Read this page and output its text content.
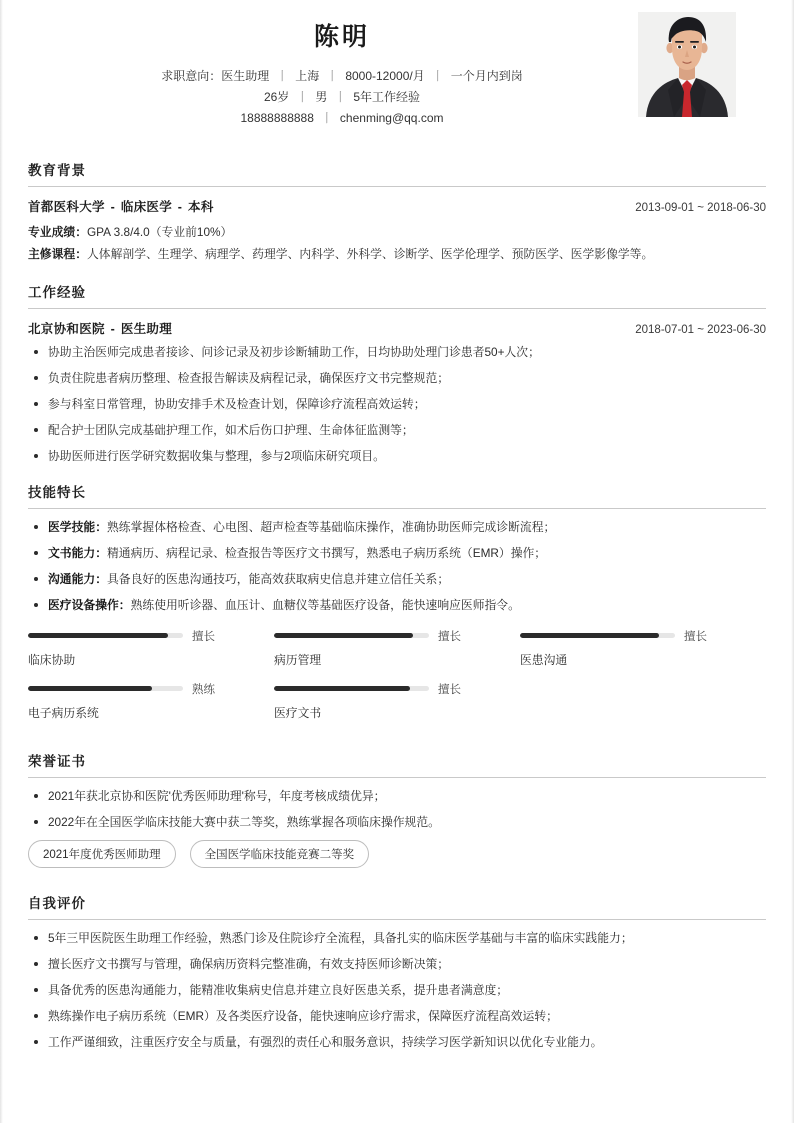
陈明
求职意向：医生助理 丨 上海 丨 8000-12000/月 丨 一个月内到岗
26岁 丨 男 丨 5年工作经验
18888888888 丨 chenming@qq.com
教育背景
首都医科大学 - 临床医学 - 本科	2013-09-01 ~ 2018-06-30
专业成绩：GPA 3.8/4.0（专业前10%）
主修课程：人体解剖学、生理学、病理学、药理学、内科学、外科学、诊断学、医学伦理学、预防医学、医学影像学等。
工作经验
北京协和医院 - 医生助理	2018-07-01 ~ 2023-06-30
协助主治医师完成患者接诊、问诊记录及初步诊断辅助工作，日均协助处理门诊患者50+人次；
负责住院患者病历整理、检查报告解读及病程记录，确保医疗文书完整规范；
参与科室日常管理，协助安排手术及检查计划，保障诊疗流程高效运转；
配合护士团队完成基础护理工作，如术后伤口护理、生命体征监测等；
协助医师进行医学研究数据收集与整理，参与2项临床研究项目。
技能特长
医学技能：熟练掌握体格检查、心电图、超声检查等基础临床操作，准确协助医师完成诊断流程；
文书能力：精通病历、病程记录、检查报告等医疗文书撰写，熟悉电子病历系统（EMR）操作；
沟通能力：具备良好的医患沟通技巧，能高效获取病史信息并建立信任关系；
医疗设备操作：熟练使用听诊器、血压计、血糖仪等基础医疗设备，能快速响应医师指令。
擅长
临床协助
擅长
病历管理
擅长
医患沟通
熟练
电子病历系统
擅长
医疗文书
荣誉证书
2021年获北京协和医院'优秀医师助理'称号，年度考核成绩优异；
2022年在全国医学临床技能大赛中获二等奖，熟练掌握各项临床操作规范。
2021年度优秀医师助理	全国医学临床技能竞赛二等奖
自我评价
5年三甲医院医生助理工作经验，熟悉门诊及住院诊疗全流程，具备扎实的临床医学基础与丰富的临床实践能力；
擅长医疗文书撰写与管理，确保病历资料完整准确，有效支持医师诊断决策；
具备优秀的医患沟通能力，能精准收集病史信息并建立良好医患关系，提升患者满意度；
熟练操作电子病历系统（EMR）及各类医疗设备，能快速响应诊疗需求，保障医疗流程高效运转；
工作严谨细致，注重医疗安全与质量，有强烈的责任心和服务意识，持续学习医学新知识以优化专业能力。
